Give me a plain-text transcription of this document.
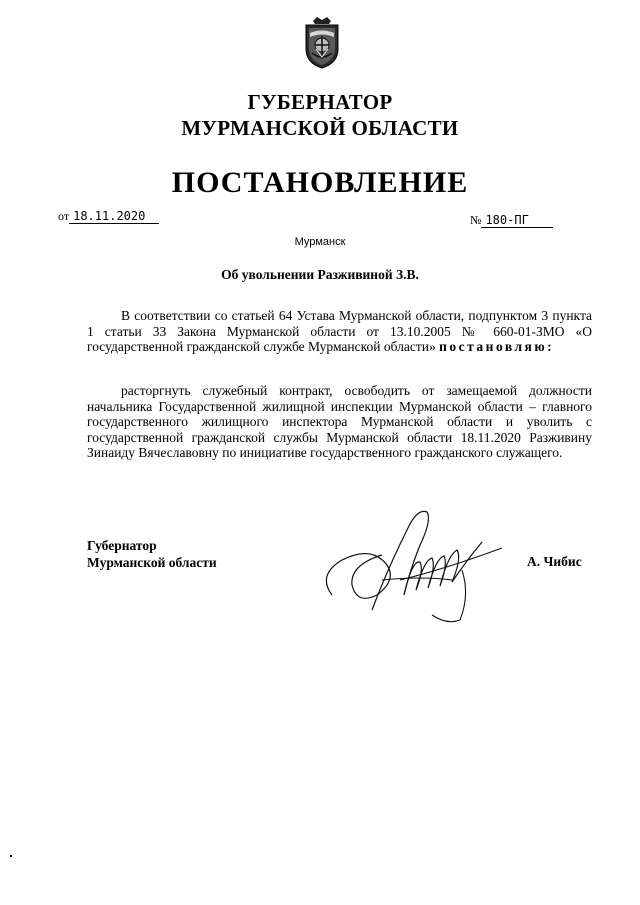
ГУБЕРНАТОР
МУРМАНСКОЙ ОБЛАСТИ
ПОСТАНОВЛЕНИЕ
от 18.11.2020	№ 180-ПГ
Мурманск
Об увольнении Разживиной З.В.
В соответствии со статьей 64 Устава Мурманской области, подпунктом 3 пункта 1 статьи 33 Закона Мурманской области от 13.10.2005 № 660-01-ЗМО «О государственной гражданской службе Мурманской области» постановляю:
расторгнуть служебный контракт, освободить от замещаемой должности начальника Государственной жилищной инспекции Мурманской области – главного государственного жилищного инспектора Мурманской области и уволить с государственной гражданской службы Мурманской области 18.11.2020 Разживину Зинаиду Вячеславовну по инициативе государственного гражданского служащего.
Губернатор
Мурманской области	А. Чибис
